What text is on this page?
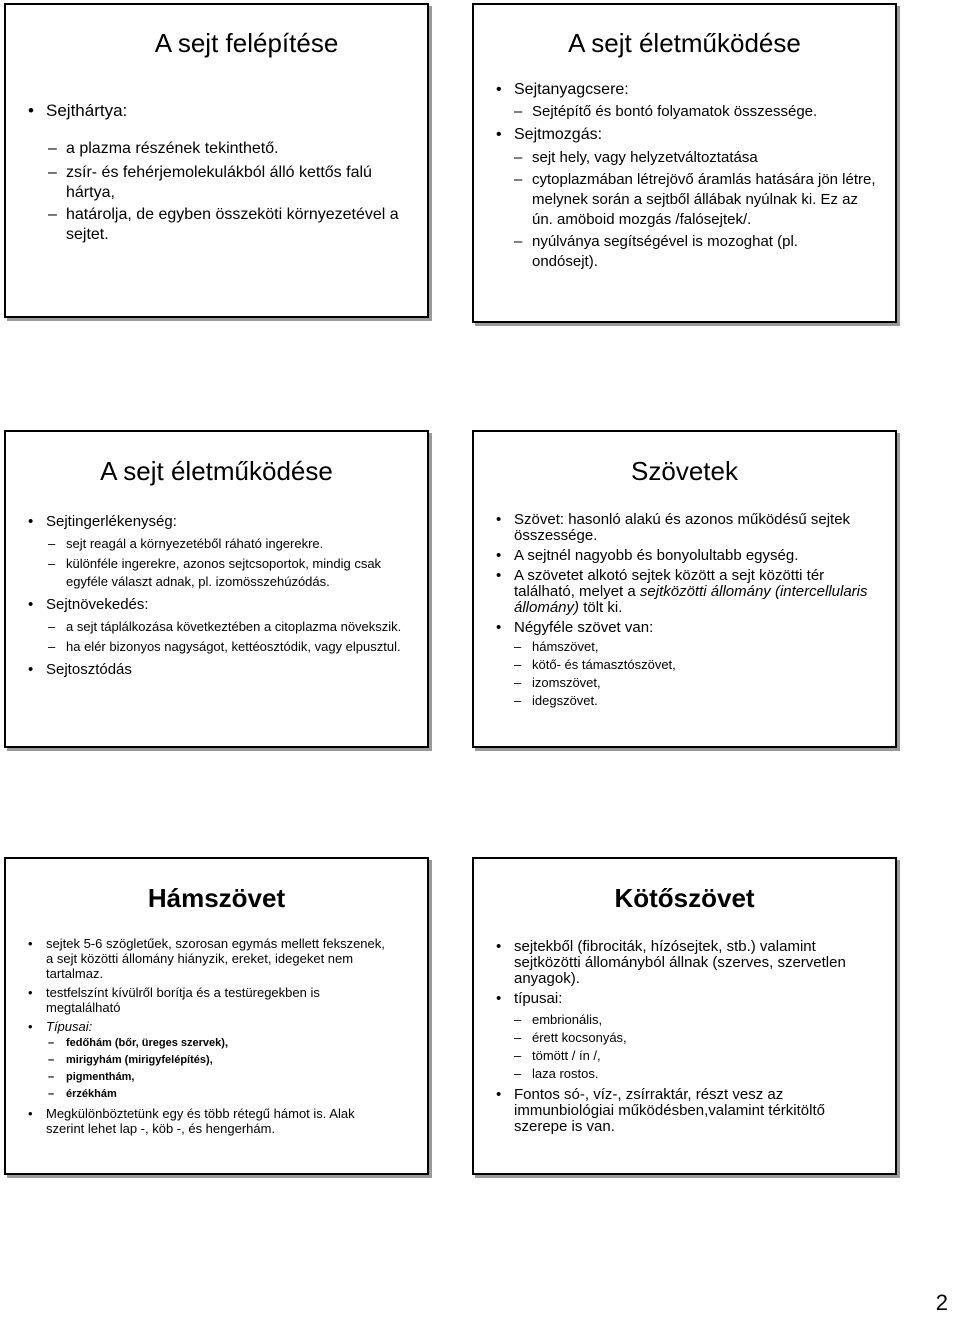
A sejt felépítése
• Sejthártya:
– a plazma részének tekinthető.
– zsír- és fehérjemolekulákból álló kettős falú hártya,
– határolja, de egyben összeköti környezetével a sejtet.
A sejt életműködése
• Sejtanyagcsere:
– Sejtépítő és bontó folyamatok összessége.
• Sejtmozgás:
– sejt hely, vagy helyzetváltoztatása
– cytoplazmában létrejövő áramlás hatására jön létre, melynek során a sejtből állábak nyúlnak ki. Ez az ún. amöboid mozgás /falósejtek/.
– nyúlványa segítségével is mozoghat (pl. ondósejt).
A sejt életműködése
• Sejtingerlékenység:
– sejt reagál a környezetéből ráható ingerekre.
– különféle ingerekre, azonos sejtcsoportok, mindig csak egyféle választ adnak, pl. izomösszehúzódás.
• Sejtnövekedés:
– a sejt táplálkozása következtében a citoplazma növekszik.
– ha elér bizonyos nagyságot, kettéosztódik, vagy elpusztul.
• Sejtosztódás
Szövetek
• Szövet: hasonló alakú és azonos működésű sejtek összessége.
• A sejtnél nagyobb és bonyolultabb egység.
• A szövetet alkotó sejtek között a sejt közötti tér található, melyet a sejtközötti állomány (intercellularis állomány) tölt ki.
• Négyféle szövet van:
– hámszövet,
– kötő- és támasztószövet,
– izomszövet,
– idegszövet.
Hámszövet
• sejtek 5-6 szögletűek, szorosan egymás mellett fekszenek, a sejt közötti állomány hiányzik, ereket, idegeket nem tartalmaz.
• testfelszínt kívülről borítja és a testüregekben is megtalálható
• Típusai:
– fedőhám (bőr, üreges szervek),
– mirigyhám (mirigyfelépítés),
– pigmenthám,
– érzékhám
• Megkülönböztetünk egy és több rétegű hámot is. Alak szerint lehet lap -, köb -, és hengerhám.
Kötőszövet
• sejtekből (fibrociták, hízósejtek, stb.) valamint sejtközötti állományból állnak (szerves, szervetlen anyagok).
• típusai:
– embrionális,
– érett kocsonyás,
– tömött / ín /,
– laza rostos.
• Fontos só-, víz-, zsírraktár, részt vesz az immunbiológiai működésben,valamint térkitöltő szerepe is van.
2
